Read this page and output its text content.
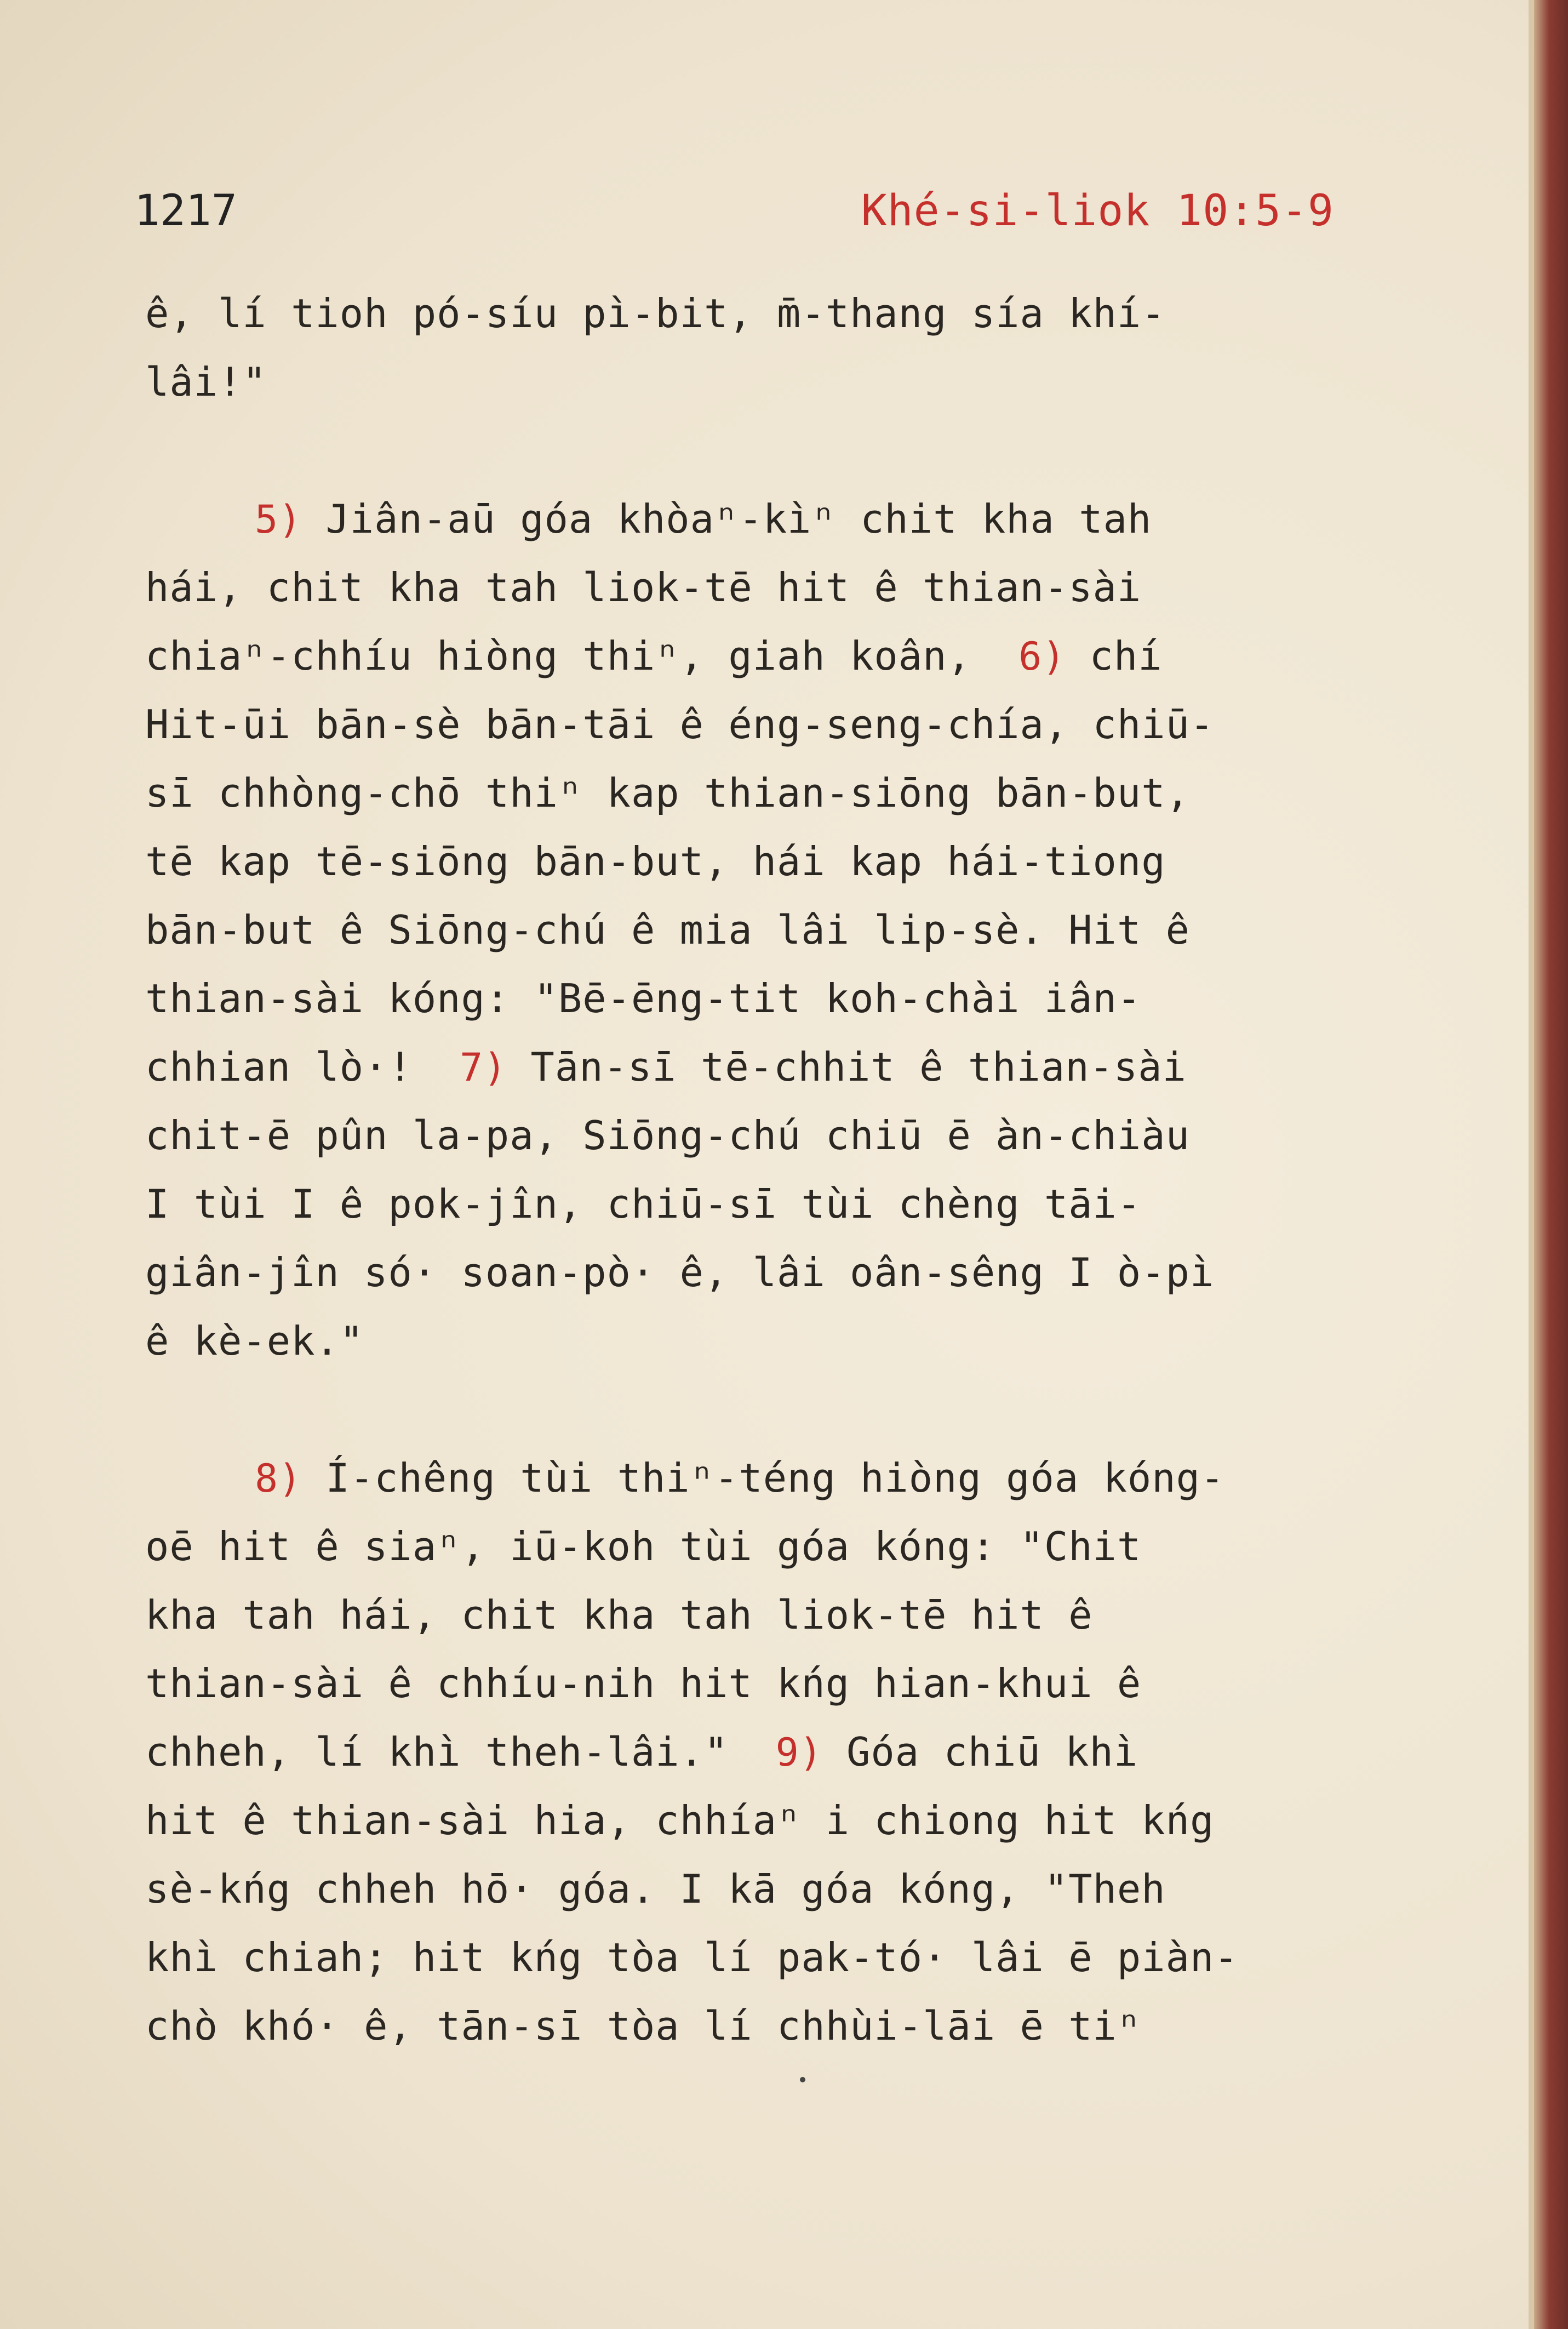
1217	Khé-si-liok 10:5-9
ê, lí tioh pó-síu pì-bit, m̄-thang sía khí-
lâi!"
5) Jiân-aū góa khòaⁿ-kìⁿ chit kha tah
hái, chit kha tah liok-tē hit ê thian-sài
chiaⁿ-chhíu hiòng thiⁿ, giah koân,  6) chí
Hit-ūi bān-sè bān-tāi ê éng-seng-chía, chiū-
sī chhòng-chō thiⁿ kap thian-siōng bān-but,
tē kap tē-siōng bān-but, hái kap hái-tiong
bān-but ê Siōng-chú ê mia lâi lip-sè. Hit ê
thian-sài kóng: "Bē-ēng-tit koh-chài iân-
chhian lò·!  7) Tān-sī tē-chhit ê thian-sài
chit-ē pûn la-pa, Siōng-chú chiū ē àn-chiàu
I tùi I ê pok-jîn, chiū-sī tùi chèng tāi-
giân-jîn só· soan-pò· ê, lâi oân-sêng I ò-pì
ê kè-ek."
8) Í-chêng tùi thiⁿ-téng hiòng góa kóng-
oē hit ê siaⁿ, iū-koh tùi góa kóng: "Chit
kha tah hái, chit kha tah liok-tē hit ê
thian-sài ê chhíu-nih hit kńg hian-khui ê
chheh, lí khì theh-lâi."  9) Góa chiū khì
hit ê thian-sài hia, chhíaⁿ i chiong hit kńg
sè-kńg chheh hō· góa. I kā góa kóng, "Theh
khì chiah; hit kńg tòa lí pak-tó· lâi ē piàn-
chò khó· ê, tān-sī tòa lí chhùi-lāi ē tiⁿ
